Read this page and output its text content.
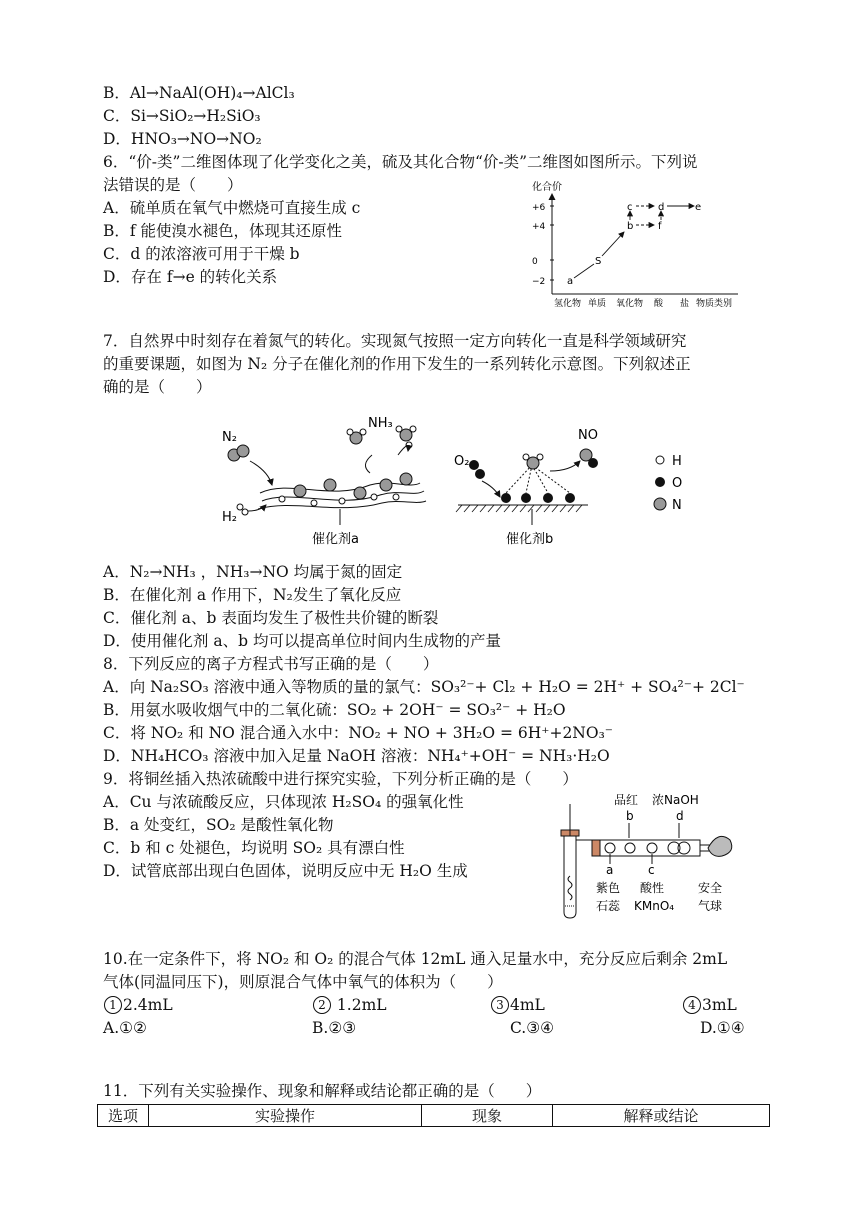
B．Al→NaAl(OH)₄→AlCl₃
C．Si→SiO₂→H₂SiO₃
D．HNO₃→NO→NO₂
6．“价-类”二维图体现了化学变化之美，硫及其化合物“价-类”二维图如图所示。下列说
法错误的是（　　）
A．硫单质在氧气中燃烧可直接生成 c
B．f 能使溴水褪色，体现其还原性
C．d 的浓溶液可用于干燥 b
D．存在 f→e 的转化关系
化合价
+6
+4
0
−2
氢化物 单质 氧化物 酸 盐 物质类别
a
S
b
c	d
f
e
7．自然界中时刻存在着氮气的转化。实现氮气按照一定方向转化一直是科学领域研究
的重要课题，如图为 N₂ 分子在催化剂的作用下发生的一系列转化示意图。下列叙述正
确的是（　　）
N₂
NH₃
H₂
催化剂a
O₂
NO
催化剂b
H
O
N
A．N₂→NH₃ ，NH₃→NO 均属于氮的固定
B．在催化剂 a 作用下，N₂发生了氧化反应
C．催化剂 a、b 表面均发生了极性共价键的断裂
D．使用催化剂 a、b 均可以提高单位时间内生成物的产量
8．下列反应的离子方程式书写正确的是（　　）
A．向 Na₂SO₃ 溶液中通入等物质的量的氯气：SO₃²⁻+ Cl₂ + H₂O = 2H⁺ + SO₄²⁻+ 2Cl⁻
B．用氨水吸收烟气中的二氧化硫：SO₂ + 2OH⁻ = SO₃²⁻ + H₂O
C．将 NO₂ 和 NO 混合通入水中：NO₂ + NO + 3H₂O = 6H⁺+2NO₃⁻
D．NH₄HCO₃ 溶液中加入足量 NaOH 溶液：NH₄⁺+OH⁻ = NH₃·H₂O
9．将铜丝插入热浓硫酸中进行探究实验，下列分析正确的是（　　）
A．Cu 与浓硫酸反应，只体现浓 H₂SO₄ 的强氧化性
B．a 处变红，SO₂ 是酸性氧化物
C．b 和 c 处褪色，均说明 SO₂ 具有漂白性
D．试管底部出现白色固体，说明反应中无 H₂O 生成
品红 浓NaOH
b	d
a	c
紫色 酸性	安全
石蕊 KMnO₄ 气球
10.在一定条件下，将 NO₂ 和 O₂ 的混合气体 12mL 通入足量水中，充分反应后剩余 2mL
气体(同温同压下)，则原混合气体中氧气的体积为（　　）
1 2.4mL	2 1.2mL	3 4mL	4 3mL
A.①②	B.②③	C.③④	D.①④
11．下列有关实验操作、现象和解释或结论都正确的是（　　）
选项	实验操作	现象	解释或结论
